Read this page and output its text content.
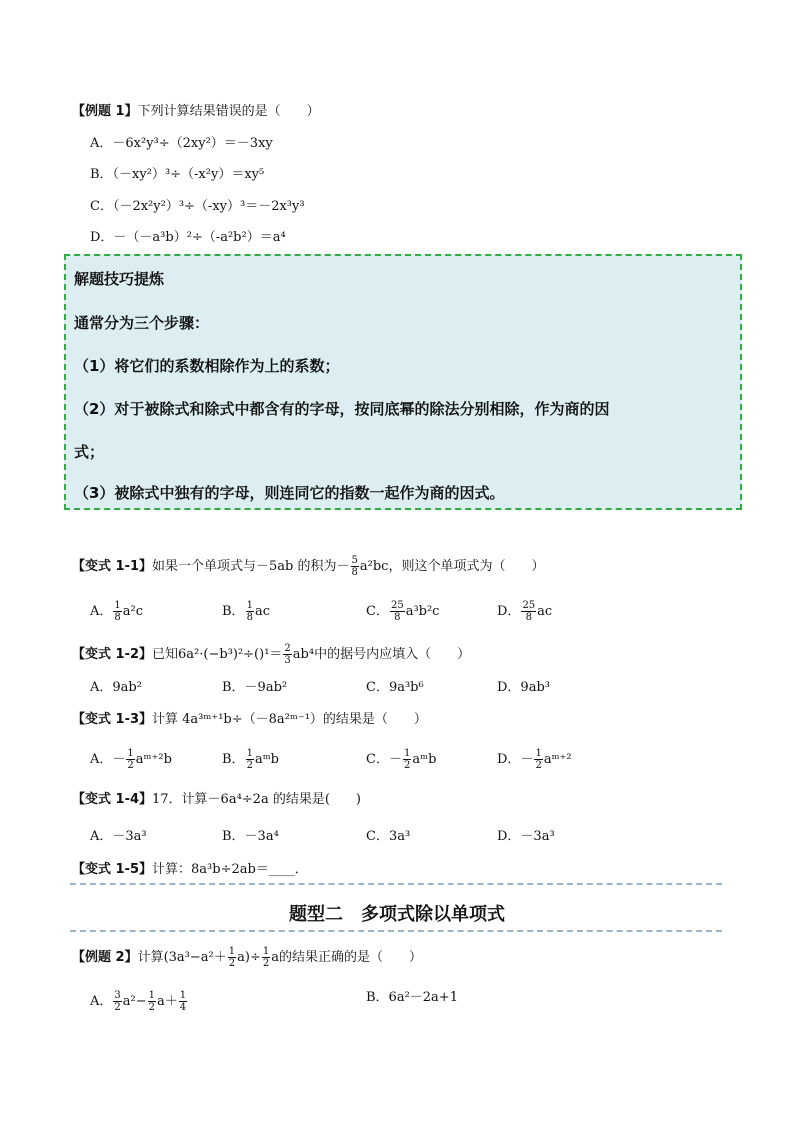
【例题 1】下列计算结果错误的是（　　）
A．－6x²y³÷（2xy²）＝－3xy
B．（－xy²）³÷（-x²y）＝xy⁵
C．（－2x²y²）³÷（-xy）³＝－2x³y³
D．－（－a³b）²÷（-a²b²）＝a⁴
解题技巧提炼
通常分为三个步骤：
（1）将它们的系数相除作为上的系数；
（2）对于被除式和除式中都含有的字母，按同底幂的除法分别相除，作为商的因
式；
（3）被除式中独有的字母，则连同它的指数一起作为商的因式。
【变式 1-1】如果一个单项式与－5ab 的积为－ $\frac{5}{8} a^2bc$，则这个单项式为（　　）
A． $\frac{1}{8} a^2c$	B． $\frac{1}{8}$ ac	C． $\frac{25}{8} a^3b^2c$	D． $\frac{25}{8}$ ac
【变式 1-2】已知$6a^2\cdot(-b^3)^2\div()^1= \frac{2}{3} ab^4$中的据号内应填入（　　）
A．9ab²	B．－9ab²	C．9a³b⁶	D．9ab³
【变式 1-3】计算 4a³ᵐ⁺¹b÷（－8a²ᵐ⁻¹）的结果是（　　）
A．－ $\frac{1}{2}$ aᵐ⁺²b	B． $\frac{1}{2}$ aᵐb	C．－ $\frac{1}{2}$ aᵐb	D．－ $\frac{1}{2}$ aᵐ⁺²
【变式 1-4】17．计算－6a⁴÷2a 的结果是(　　)
A．－3a³	B．－3a⁴	C．3a³	D．－3a³
【变式 1-5】计算：8a³b÷2ab＝____．
题型二　多项式除以单项式
【例题 2】计算$(3a^3-a^2+ \frac{1}{2} a)\div \frac{1}{2}$ a的结果正确的是（　　）
A． $\frac{3}{2} a^2- \frac{1}{2} a+ \frac{1}{4}$	B．6a²－2a+1
